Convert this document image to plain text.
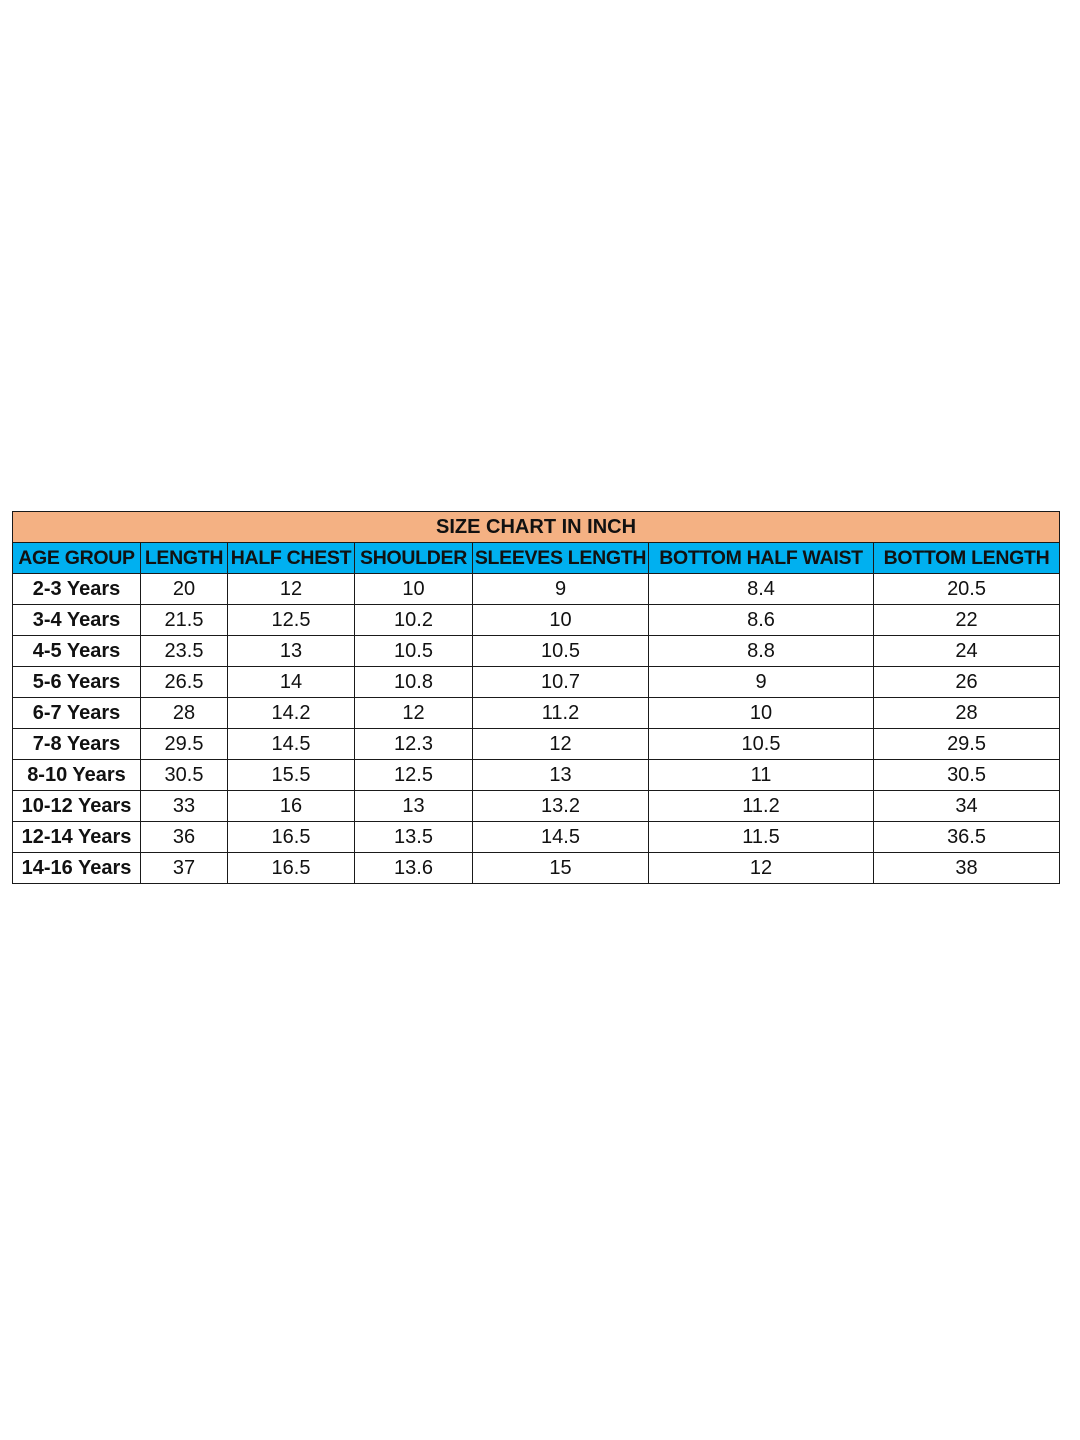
SIZE CHART IN INCH						
AGE GROUP	LENGTH	HALF CHEST	SHOULDER	SLEEVES LENGTH	BOTTOM HALF WAIST	BOTTOM LENGTH
2-3 Years	20	12	10	9	8.4	20.5
3-4 Years	21.5	12.5	10.2	10	8.6	22
4-5 Years	23.5	13	10.5	10.5	8.8	24
5-6 Years	26.5	14	10.8	10.7	9	26
6-7 Years	28	14.2	12	11.2	10	28
7-8 Years	29.5	14.5	12.3	12	10.5	29.5
8-10 Years	30.5	15.5	12.5	13	11	30.5
10-12 Years	33	16	13	13.2	11.2	34
12-14 Years	36	16.5	13.5	14.5	11.5	36.5
14-16 Years	37	16.5	13.6	15	12	38
